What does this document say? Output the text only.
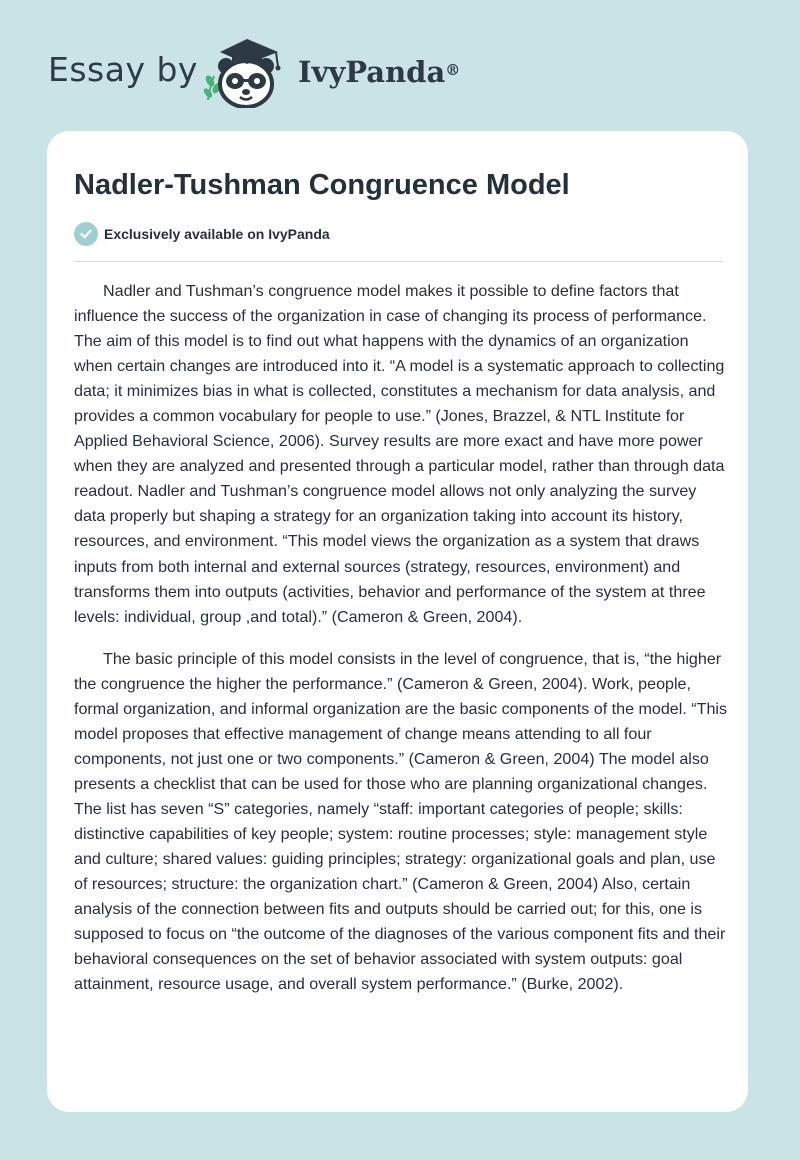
Essay by	IvyPanda®
Nadler-Tushman Congruence Model
Exclusively available on IvyPanda

Nadler and Tushman’s congruence model makes it possible to define factors that influence the success of the organization in case of changing its process of performance. The aim of this model is to find out what happens with the dynamics of an organization when certain changes are introduced into it. “A model is a systematic approach to collecting data; it minimizes bias in what is collected, constitutes a mechanism for data analysis, and provides a common vocabulary for people to use.” (Jones, Brazzel, & NTL Institute for Applied Behavioral Science, 2006). Survey results are more exact and have more power when they are analyzed and presented through a particular model, rather than through data readout. Nadler and Tushman’s congruence model allows not only analyzing the survey data properly but shaping a strategy for an organization taking into account its history, resources, and environment. “This model views the organization as a system that draws inputs from both internal and external sources (strategy, resources, environment) and transforms them into outputs (activities, behavior and performance of the system at three levels: individual, group ,and total).” (Cameron & Green, 2004).

The basic principle of this model consists in the level of congruence, that is, “the higher the congruence the higher the performance.” (Cameron & Green, 2004). Work, people, formal organization, and informal organization are the basic components of the model. “This model proposes that effective management of change means attending to all four components, not just one or two components.” (Cameron & Green, 2004) The model also presents a checklist that can be used for those who are planning organizational changes. The list has seven “S” categories, namely “staff: important categories of people; skills: distinctive capabilities of key people; system: routine processes; style: management style and culture; shared values: guiding principles; strategy: organizational goals and plan, use of resources; structure: the organization chart.” (Cameron & Green, 2004) Also, certain analysis of the connection between fits and outputs should be carried out; for this, one is supposed to focus on “the outcome of the diagnoses of the various component fits and their behavioral consequences on the set of behavior associated with system outputs: goal attainment, resource usage, and overall system performance.” (Burke, 2002).
